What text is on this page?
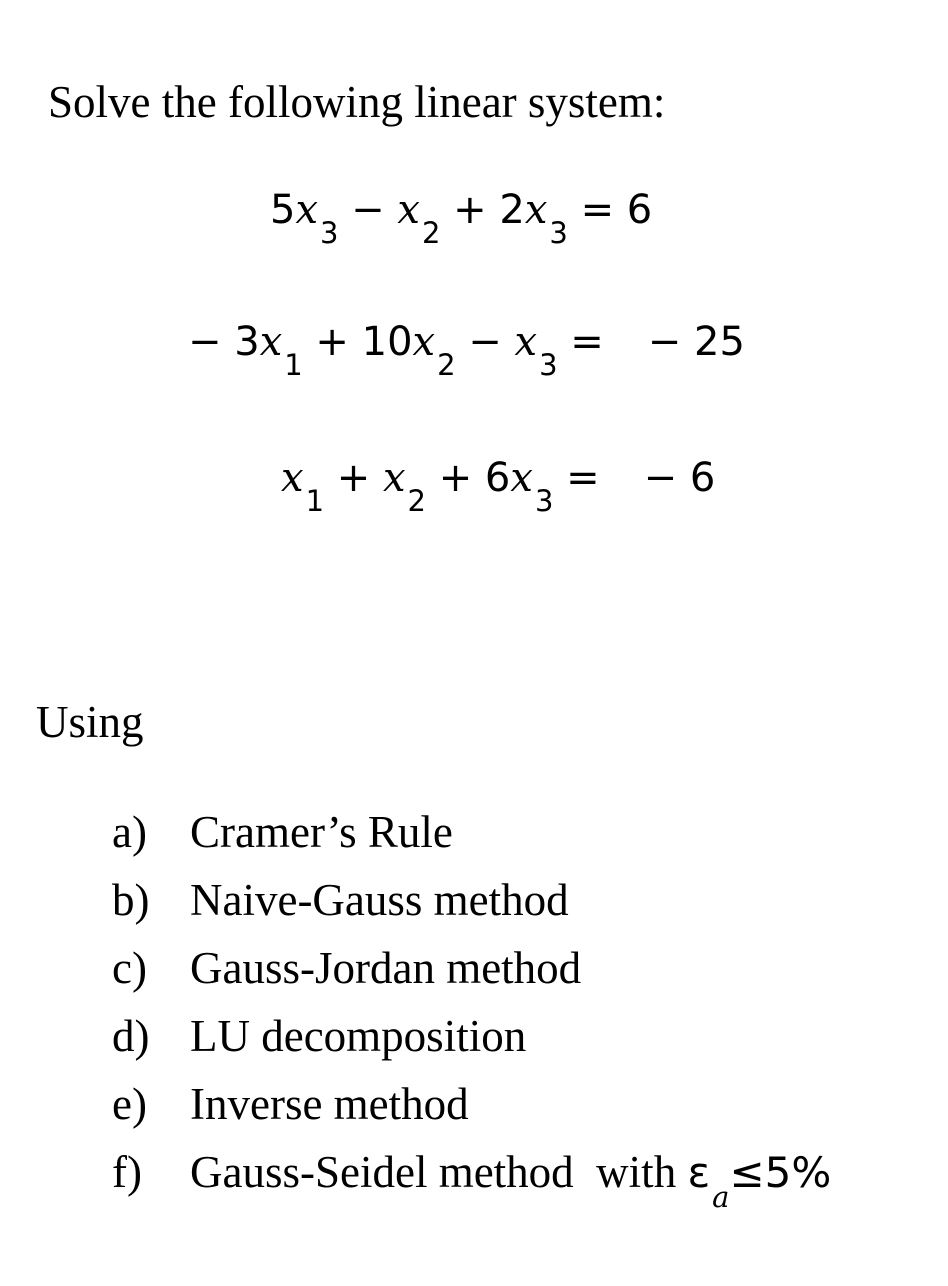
Solve the following linear system:
$5x_3 - x_2 + 2x_3 = 6$
− $3x_1 + 10x_2 - x_3$ = − 25
$x_1 + x_2 + 6x_3$ = − 6
Using
a) Cramer’s Rule
b) Naive-Gauss method
c) Gauss-Jordan method
d) LU decomposition
e) Inverse method
f) Gauss-Seidel method  with $\varepsilon_a\le 5\%$
